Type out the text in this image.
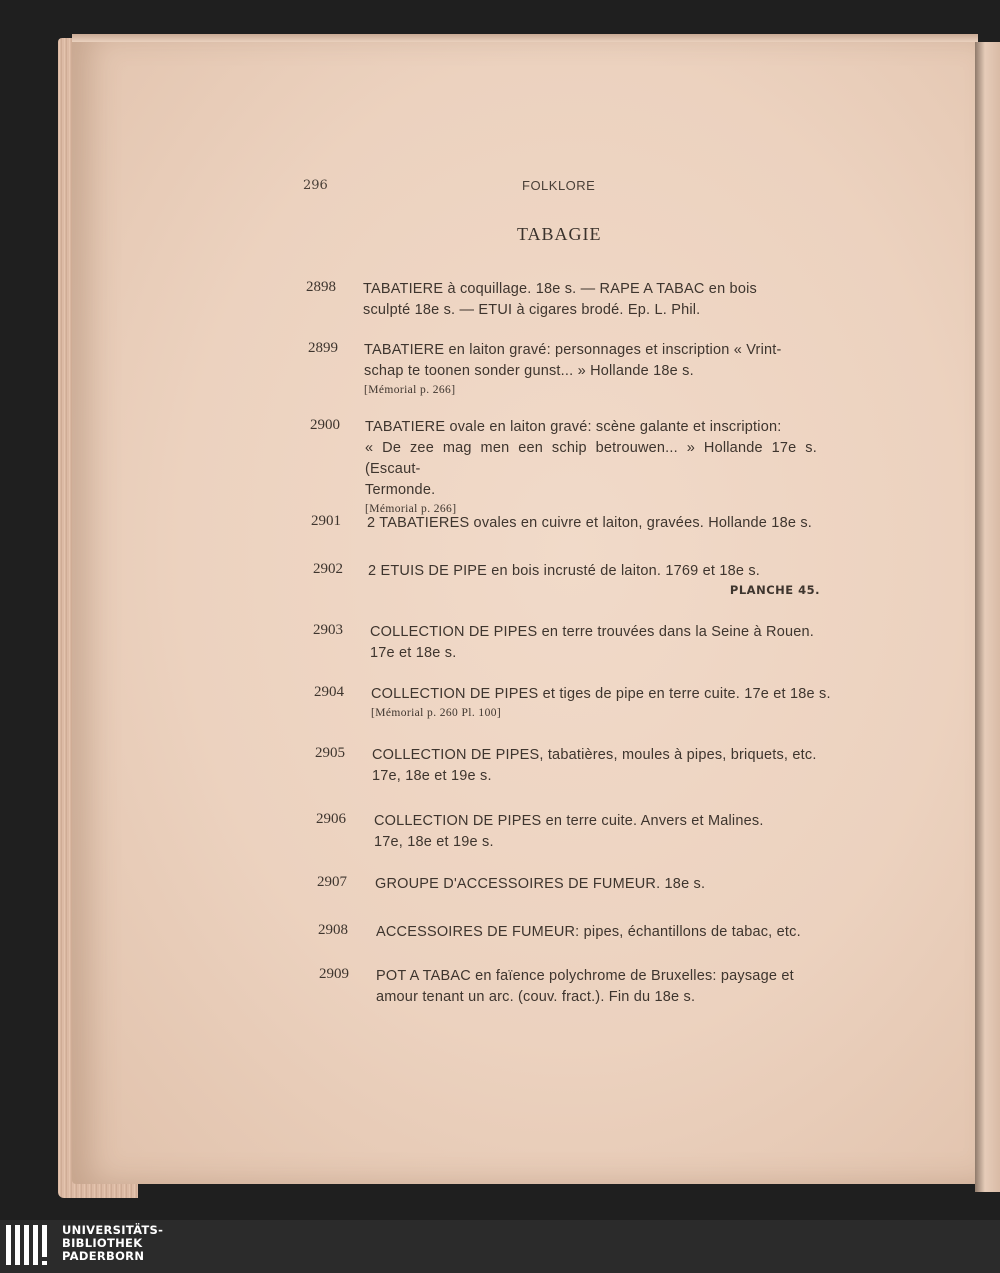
296	FOLKLORE
TABAGIE
2898 TABATIERE à coquillage. 18e s. — RAPE A TABAC en bois
sculpté 18e s. — ETUI à cigares brodé. Ep. L. Phil.
2899 TABATIERE en laiton gravé: personnages et inscription « Vrint-
schap te toonen sonder gunst... » Hollande 18e s.
[Mémorial p. 266]
2900 TABATIERE ovale en laiton gravé: scène galante et inscription:
« De zee mag men een schip betrouwen... » Hollande 17e s. (Escaut-
Termonde.
[Mémorial p. 266]
2901 2 TABATIERES ovales en cuivre et laiton, gravées. Hollande 18e s.
2902 2 ETUIS DE PIPE en bois incrusté de laiton. 1769 et 18e s.
PLANCHE 45.
2903 COLLECTION DE PIPES en terre trouvées dans la Seine à Rouen.
17e et 18e s.
2904 COLLECTION DE PIPES et tiges de pipe en terre cuite. 17e et 18e s.
[Mémorial p. 260 Pl. 100]
2905 COLLECTION DE PIPES, tabatières, moules à pipes, briquets, etc.
17e, 18e et 19e s.
2906 COLLECTION DE PIPES en terre cuite. Anvers et Malines.
17e, 18e et 19e s.
2907 GROUPE D'ACCESSOIRES DE FUMEUR. 18e s.
2908 ACCESSOIRES DE FUMEUR: pipes, échantillons de tabac, etc.
2909 POT A TABAC en faïence polychrome de Bruxelles: paysage et
amour tenant un arc. (couv. fract.). Fin du 18e s.
UNIVERSITÄTS-
BIBLIOTHEK
PADERBORN
